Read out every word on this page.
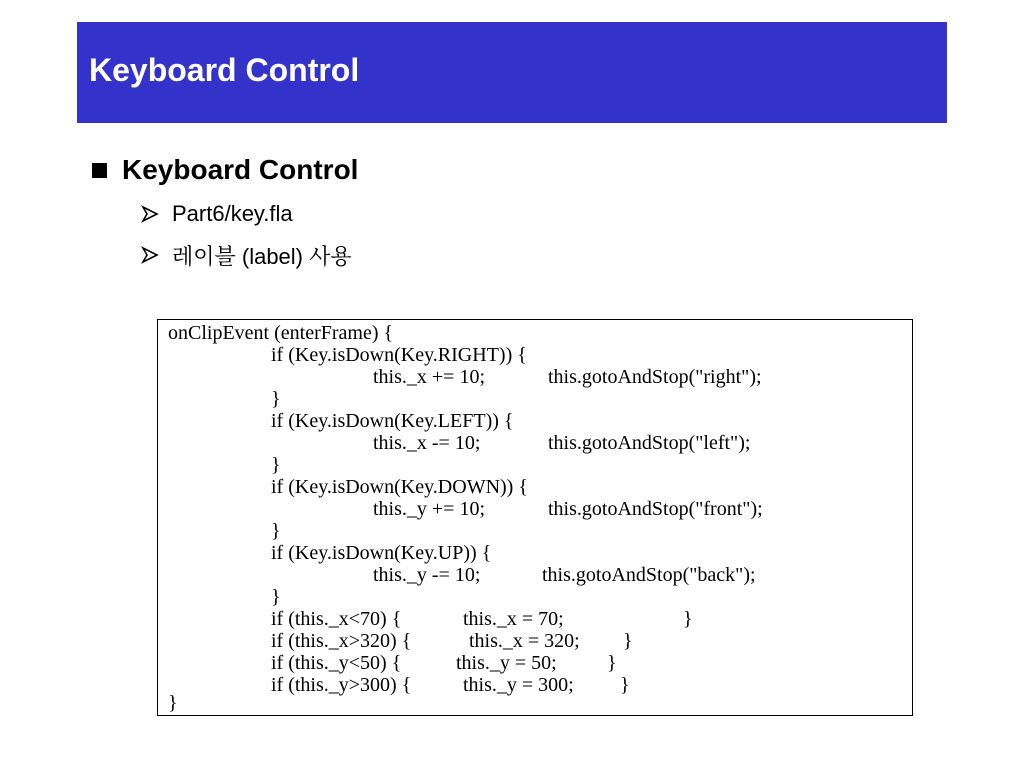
Keyboard Control
Keyboard Control
Part6/key.fla
레이블 (label) 사용
onClipEvent (enterFrame) {
if (Key.isDown(Key.RIGHT)) {

this._x += 10;

	this.gotoAndStop("right");

}
if (Key.isDown(Key.LEFT)) {

this._x -= 10;

	this.gotoAndStop("left");

}
if (Key.isDown(Key.DOWN)) {

this._y += 10;

	this.gotoAndStop("front");

}
if (Key.isDown(Key.UP)) {

this._y -= 10;

	this.gotoAndStop("back");

}

if (this._x<70) {

	this._x = 70;

	}

if (this._x>320) {

	this._x = 320;

}

if (this._y<50) {

	this._y = 50;

	}

if (this._y>300) {

	this._y = 300;

}

}
